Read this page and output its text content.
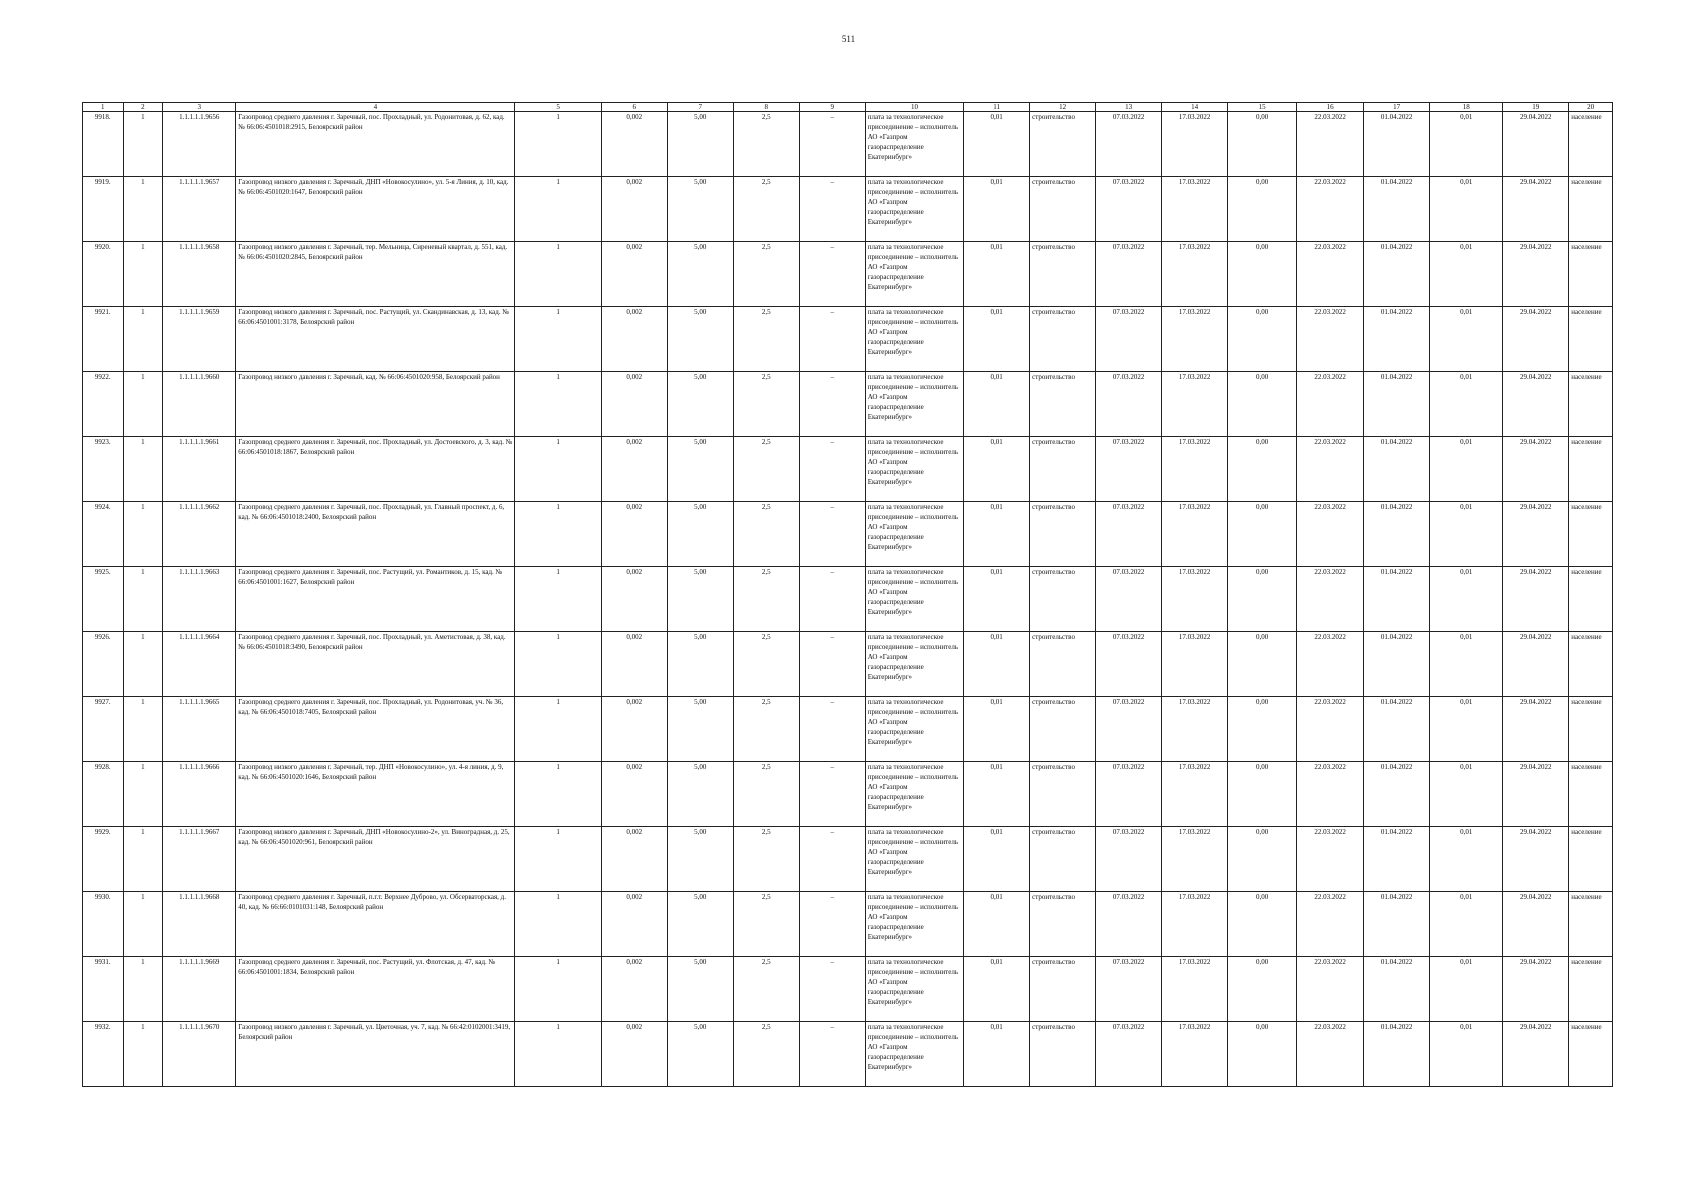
511
1	2	3	4	5	6	7	8	9	10	11	12	13	14	15	16	17	18	19	20
9918.	1	1.1.1.1.1.9656	Газопровод среднего давления г. Заречный, пос. Прохладный, ул. Родонитовая, д. 62, кад. № 66:06:4501018:2915, Белоярский район	1	0,002	5,00	2,5	–	плата за технологическое присоединение – исполнитель АО «Газпром газораспределение Екатеринбург»	0,01	строительство	07.03.2022	17.03.2022	0,00	22.03.2022	01.04.2022	0,01	29.04.2022	население
9919.	1	1.1.1.1.1.9657	Газопровод низкого давления г. Заречный, ДНП «Новокосулино», ул. 5-я Линия, д. 10, кад. № 66:06:4501020:1647, Белоярский район	1	0,002	5,00	2,5	–	плата за технологическое присоединение – исполнитель АО «Газпром газораспределение Екатеринбург»	0,01	строительство	07.03.2022	17.03.2022	0,00	22.03.2022	01.04.2022	0,01	29.04.2022	население
9920.	1	1.1.1.1.1.9658	Газопровод низкого давления г. Заречный, тер. Мельница, Сиреневый квартал, д. 551, кад. № 66:06:4501020:2845, Белоярский район	1	0,002	5,00	2,5	–	плата за технологическое присоединение – исполнитель АО «Газпром газораспределение Екатеринбург»	0,01	строительство	07.03.2022	17.03.2022	0,00	22.03.2022	01.04.2022	0,01	29.04.2022	население
9921.	1	1.1.1.1.1.9659	Газопровод низкого давления г. Заречный, пос. Растущий, ул. Скандинавская, д. 13, кад. № 66:06:4501001:3178, Белоярский район	1	0,002	5,00	2,5	–	плата за технологическое присоединение – исполнитель АО «Газпром газораспределение Екатеринбург»	0,01	строительство	07.03.2022	17.03.2022	0,00	22.03.2022	01.04.2022	0,01	29.04.2022	население
9922.	1	1.1.1.1.1.9660	Газопровод низкого давления г. Заречный, кад. № 66:06:4501020:958, Белоярский район	1	0,002	5,00	2,5	–	плата за технологическое присоединение – исполнитель АО «Газпром газораспределение Екатеринбург»	0,01	строительство	07.03.2022	17.03.2022	0,00	22.03.2022	01.04.2022	0,01	29.04.2022	население
9923.	1	1.1.1.1.1.9661	Газопровод среднего давления г. Заречный, пос. Прохладный, ул. Достоевского, д. 3, кад. № 66:06:4501018:1867, Белоярский район	1	0,002	5,00	2,5	–	плата за технологическое присоединение – исполнитель АО «Газпром газораспределение Екатеринбург»	0,01	строительство	07.03.2022	17.03.2022	0,00	22.03.2022	01.04.2022	0,01	29.04.2022	население
9924.	1	1.1.1.1.1.9662	Газопровод среднего давления г. Заречный, пос. Прохладный, ул. Главный проспект, д. 6, кад. № 66:06:4501018:2400, Белоярский район	1	0,002	5,00	2,5	–	плата за технологическое присоединение – исполнитель АО «Газпром газораспределение Екатеринбург»	0,01	строительство	07.03.2022	17.03.2022	0,00	22.03.2022	01.04.2022	0,01	29.04.2022	население
9925.	1	1.1.1.1.1.9663	Газопровод среднего давления г. Заречный, пос. Растущий, ул. Романтиков, д. 15, кад. № 66:06:4501001:1627, Белоярский район	1	0,002	5,00	2,5	–	плата за технологическое присоединение – исполнитель АО «Газпром газораспределение Екатеринбург»	0,01	строительство	07.03.2022	17.03.2022	0,00	22.03.2022	01.04.2022	0,01	29.04.2022	население
9926.	1	1.1.1.1.1.9664	Газопровод среднего давления г. Заречный, пос. Прохладный, ул. Аметистовая, д. 38, кад. № 66:06:4501018:3490, Белоярский район	1	0,002	5,00	2,5	–	плата за технологическое присоединение – исполнитель АО «Газпром газораспределение Екатеринбург»	0,01	строительство	07.03.2022	17.03.2022	0,00	22.03.2022	01.04.2022	0,01	29.04.2022	население
9927.	1	1.1.1.1.1.9665	Газопровод среднего давления г. Заречный, пос. Прохладный, ул. Родонитовая, уч. № 36, кад. № 66:06:4501018:7405, Белоярский район	1	0,002	5,00	2,5	–	плата за технологическое присоединение – исполнитель АО «Газпром газораспределение Екатеринбург»	0,01	строительство	07.03.2022	17.03.2022	0,00	22.03.2022	01.04.2022	0,01	29.04.2022	население
9928.	1	1.1.1.1.1.9666	Газопровод низкого давления г. Заречный, тер. ДНП «Новокосулино», ул. 4-я линия, д. 9, кад. № 66:06:4501020:1646, Белоярский район	1	0,002	5,00	2,5	–	плата за технологическое присоединение – исполнитель АО «Газпром газораспределение Екатеринбург»	0,01	строительство	07.03.2022	17.03.2022	0,00	22.03.2022	01.04.2022	0,01	29.04.2022	население
9929.	1	1.1.1.1.1.9667	Газопровод низкого давления г. Заречный, ДНП «Новокосулино-2», ул. Виноградная, д. 25, кад. № 66:06:4501020:961, Белоярский район	1	0,002	5,00	2,5	–	плата за технологическое присоединение – исполнитель АО «Газпром газораспределение Екатеринбург»	0,01	строительство	07.03.2022	17.03.2022	0,00	22.03.2022	01.04.2022	0,01	29.04.2022	население
9930.	1	1.1.1.1.1.9668	Газопровод среднего давления г. Заречный, п.г.т. Верхнее Дуброво, ул. Обсерваторская, д. 40, кад. № 66:66:0101031:148, Белоярский район	1	0,002	5,00	2,5	–	плата за технологическое присоединение – исполнитель АО «Газпром газораспределение Екатеринбург»	0,01	строительство	07.03.2022	17.03.2022	0,00	22.03.2022	01.04.2022	0,01	29.04.2022	население
9931.	1	1.1.1.1.1.9669	Газопровод среднего давления г. Заречный, пос. Растущий, ул. Флотская, д. 47, кад. № 66:06:4501001:1834, Белоярский район	1	0,002	5,00	2,5	–	плата за технологическое присоединение – исполнитель АО «Газпром газораспределение Екатеринбург»	0,01	строительство	07.03.2022	17.03.2022	0,00	22.03.2022	01.04.2022	0,01	29.04.2022	население
9932.	1	1.1.1.1.1.9670	Газопровод низкого давления г. Заречный, ул. Цветочная, уч. 7, кад. № 66:42:0102001:3419, Белоярский район	1	0,002	5,00	2,5	–	плата за технологическое присоединение – исполнитель АО «Газпром газораспределение Екатеринбург»	0,01	строительство	07.03.2022	17.03.2022	0,00	22.03.2022	01.04.2022	0,01	29.04.2022	население
